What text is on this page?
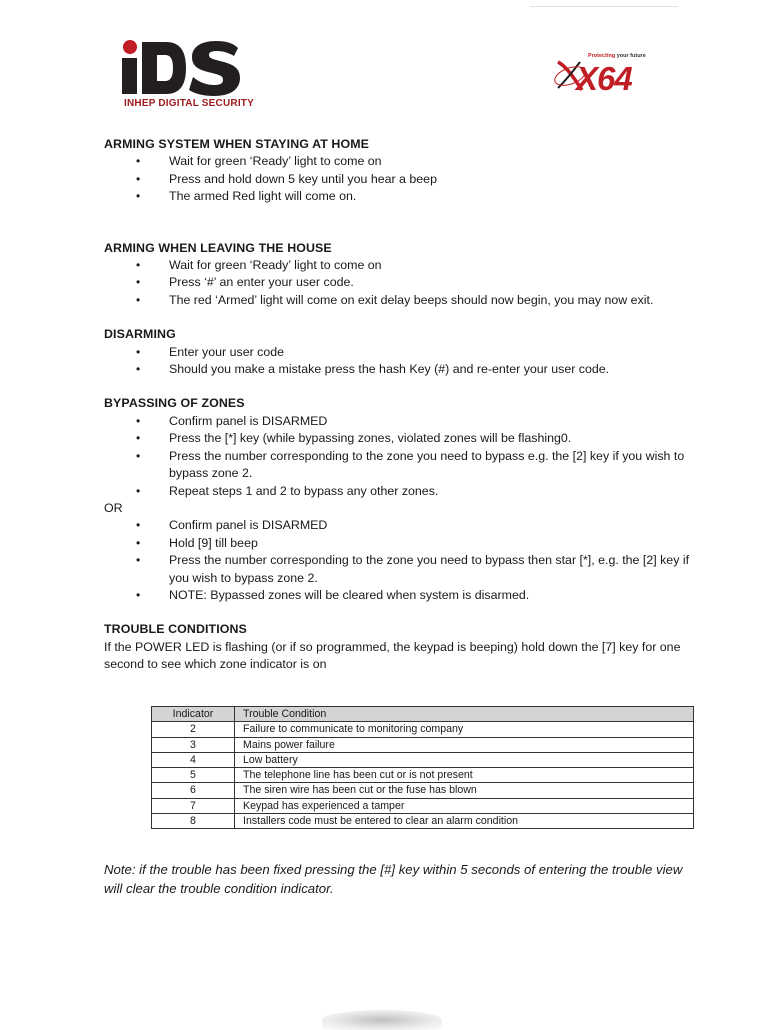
INHEP DIGITAL SECURITY
Protecting your future
X64

ARMING SYSTEM WHEN STAYING AT HOME

• Wait for green ‘Ready’ light to come on
• Press and hold down 5 key until you hear a beep
• The armed Red light will come on.

ARMING WHEN LEAVING THE HOUSE

• Wait for green ‘Ready’ light to come on
• Press ‘#’ an enter your user code.
• The red ‘Armed’ light will come on exit delay beeps should now begin, you may now exit.

DISARMING

• Enter your user code
• Should you make a mistake press the hash Key (#) and re-enter your user code.

BYPASSING OF ZONES

• Confirm panel is DISARMED
• Press the [*] key (while bypassing zones, violated zones will be flashing0.
• Press the number corresponding to the zone you need to bypass e.g. the [2] key if you wish to bypass zone 2.
• Repeat steps 1 and 2 to bypass any other zones.

OR

• Confirm panel is DISARMED
• Hold [9] till beep
• Press the number corresponding to the zone you need to bypass then star [*], e.g. the [2] key if you wish to bypass zone 2.
• NOTE: Bypassed zones will be cleared when system is disarmed.

TROUBLE CONDITIONS

If the POWER LED is flashing (or if so programmed, the keypad is beeping) hold down the [7] key for one second to see which zone indicator is on

Indicator	Trouble Condition
2	Failure to communicate to monitoring company
3	Mains power failure
4	Low battery
5	The telephone line has been cut or is not present
6	The siren wire has been cut or the fuse has blown
7	Keypad has experienced a tamper
8	Installers code must be entered to clear an alarm condition

Note: if the trouble has been fixed pressing the [#] key within 5 seconds of entering the trouble view will clear the trouble condition indicator.
